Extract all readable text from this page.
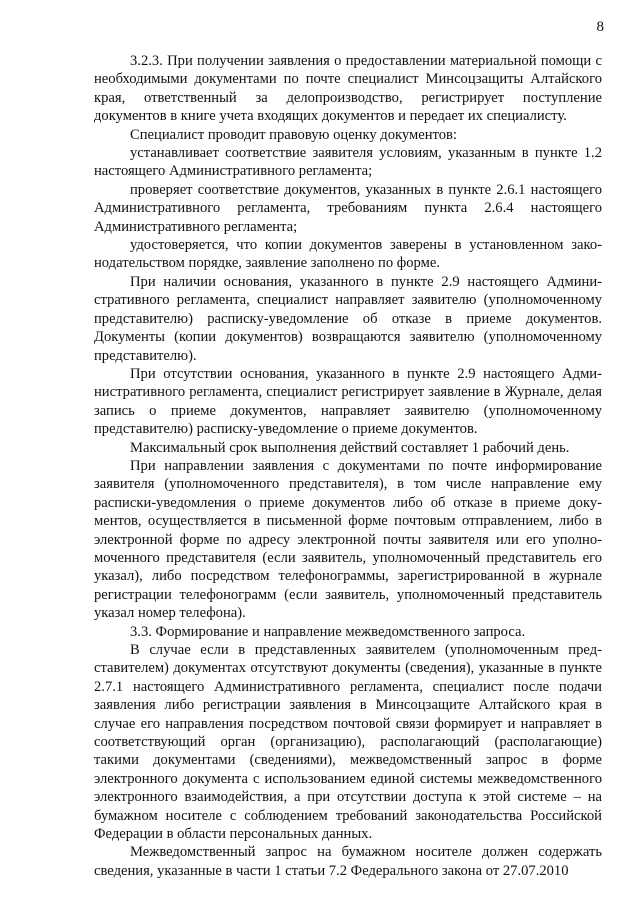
8

3.2.3. При получении заявления о предоставлении материальной помощи с необходимыми документами по почте специалист Минсоцзащиты Алтайского края, ответственный за делопроизводство, регистрирует поступление документов в книге учета входящих документов и передает их специалисту.

Специалист проводит правовую оценку документов:

устанавливает соответствие заявителя условиям, указанным в пункте 1.2 настоящего Административного регламента;

проверяет соответствие документов, указанных в пункте 2.6.1 настоящего Административного регламента, требованиям пункта 2.6.4 настоящего Административного регламента;

удостоверяется, что копии документов заверены в установленном законодательством порядке, заявление заполнено по форме.

При наличии основания, указанного в пункте 2.9 настоящего Административного регламента, специалист направляет заявителю (уполномоченному представителю) расписку-уведомление об отказе в приеме документов. Документы (копии документов) возвращаются заявителю (уполномоченному представителю).

При отсутствии основания, указанного в пункте 2.9 настоящего Административного регламента, специалист регистрирует заявление в Журнале, делая запись о приеме документов, направляет заявителю (уполномоченному представителю) расписку-уведомление о приеме документов.

Максимальный срок выполнения действий составляет 1 рабочий день.

При направлении заявления с документами по почте информирование заявителя (уполномоченного представителя), в том числе направление ему расписки-уведомления о приеме документов либо об отказе в приеме документов, осуществляется в письменной форме почтовым отправлением, либо в электронной форме по адресу электронной почты заявителя или его уполномоченного представителя (если заявитель, уполномоченный представитель его указал), либо посредством телефонограммы, зарегистрированной в журнале регистрации телефонограмм (если заявитель, уполномоченный представитель указал номер телефона).

3.3. Формирование и направление межведомственного запроса.

В случае если в представленных заявителем (уполномоченным представителем) документах отсутствуют документы (сведения), указанные в пункте 2.7.1 настоящего Административного регламента, специалист после подачи заявления либо регистрации заявления в Минсоцзащите Алтайского края в случае его направления посредством почтовой связи формирует и направляет в соответствующий орган (организацию), располагающий (располагающие) такими документами (сведениями), межведомственный запрос в форме электронного документа с использованием единой системы межведомственного электронного взаимодействия, а при отсутствии доступа к этой системе – на бумажном носителе с соблюдением требований законодательства Российской Федерации в области персональных данных.

Межведомственный запрос на бумажном носителе должен содержать сведения, указанные в части 1 статьи 7.2 Федерального закона от 27.07.2010
